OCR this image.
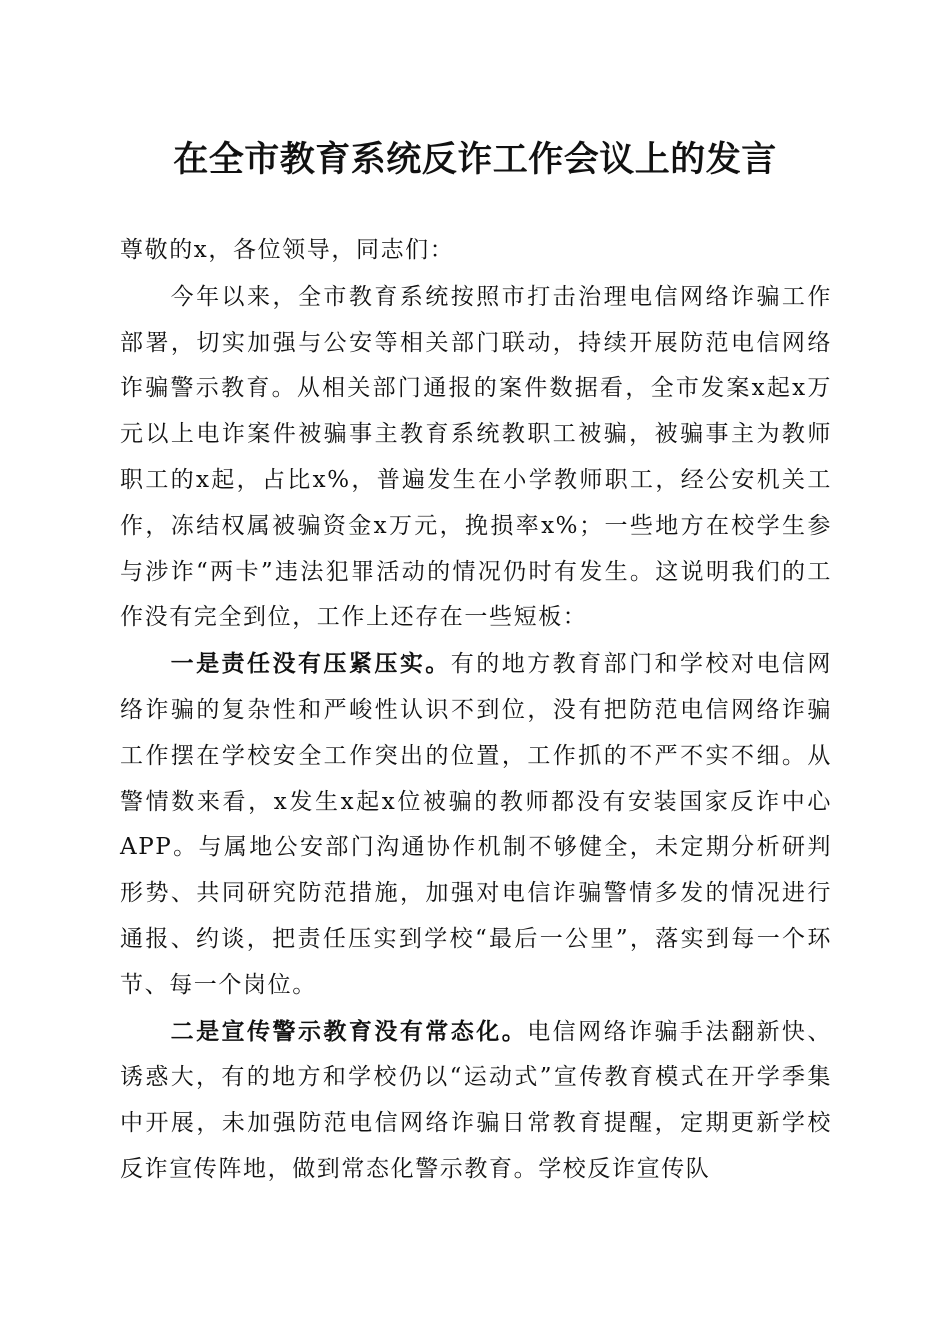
在全市教育系统反诈工作会议上的发言

尊敬的x，各位领导，同志们：

今年以来，全市教育系统按照市打击治理电信网络诈骗工作部署，切实加强与公安等相关部门联动，持续开展防范电信网络诈骗警示教育。从相关部门通报的案件数据看，全市发案x起x万元以上电诈案件被骗事主教育系统教职工被骗，被骗事主为教师职工的x起，占比x%，普遍发生在小学教师职工，经公安机关工作，冻结权属被骗资金x万元，挽损率x%；一些地方在校学生参与涉诈“两卡”违法犯罪活动的情况仍时有发生。这说明我们的工作没有完全到位，工作上还存在一些短板：

一是责任没有压紧压实。有的地方教育部门和学校对电信网络诈骗的复杂性和严峻性认识不到位，没有把防范电信网络诈骗工作摆在学校安全工作突出的位置，工作抓的不严不实不细。从警情数来看，x发生x起x位被骗的教师都没有安装国家反诈中心APP。与属地公安部门沟通协作机制不够健全，未定期分析研判形势、共同研究防范措施，加强对电信诈骗警情多发的情况进行通报、约谈，把责任压实到学校“最后一公里”，落实到每一个环节、每一个岗位。

二是宣传警示教育没有常态化。电信网络诈骗手法翻新快、诱惑大，有的地方和学校仍以“运动式”宣传教育模式在开学季集中开展，未加强防范电信网络诈骗日常教育提醒，定期更新学校反诈宣传阵地，做到常态化警示教育。学校反诈宣传队
